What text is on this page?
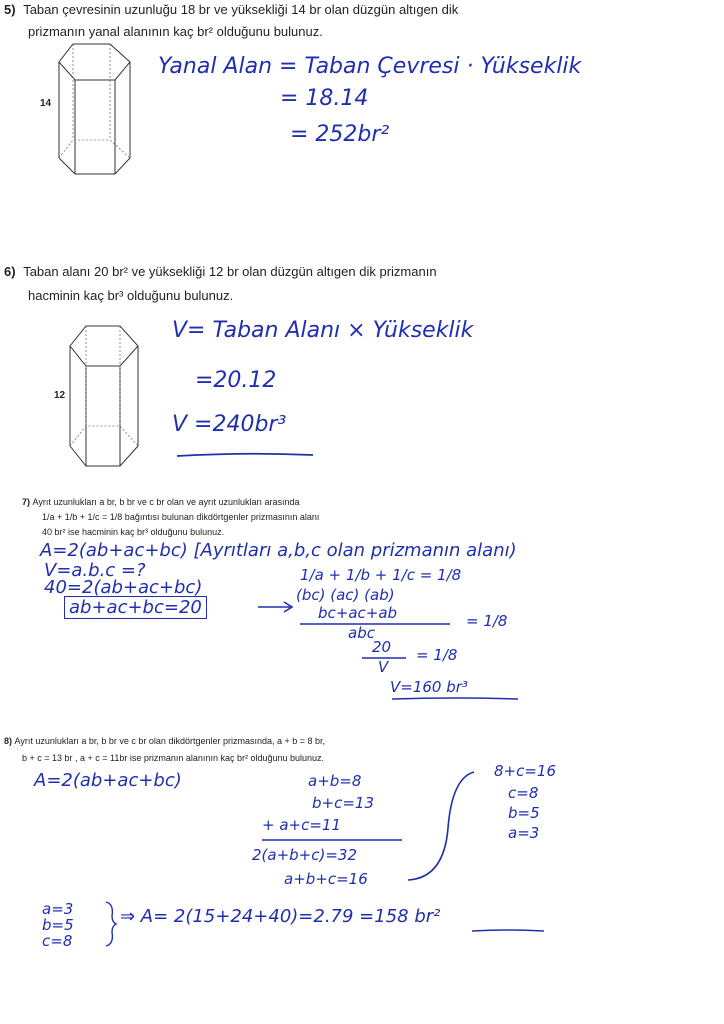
5) Taban çevresinin uzunluğu 18 br ve yüksekliği 14 br olan düzgün altıgen dik
prizmanın yanal alanının kaç br² olduğunu bulunuz.
14
Yanal Alan = Taban Çevresi · Yükseklik
= 18.14
= 252br²
6) Taban alanı 20 br² ve yüksekliği 12 br olan düzgün altıgen dik prizmanın
hacminin kaç br³ olduğunu bulunuz.
12
V= Taban Alanı × Yükseklik
=20.12
V =240br³
7) Ayrıt uzunlukları a br, b br ve c br olan ve ayrıt uzunlukları arasında
1/a + 1/b + 1/c = 1/8 bağıntısı bulunan dikdörtgenler prizmasının alanı
40 br² ise hacminin kaç br³ olduğunu bulunuz.
A=2(ab+ac+bc) [Ayrıtları a,b,c olan prizmanın alanı)
V=a.b.c =?
40=2(ab+ac+bc)
ab+ac+bc=20
1/a + 1/b + 1/c = 1/8
(bc) (ac) (ab)
bc+ac+ab
abc
= 1/8
20
V
= 1/8
V=160 br³
8) Ayrıt uzunlukları a br, b br ve c br olan dikdörtgenler prizmasında, a + b = 8 br,
b + c = 13 br , a + c = 11br ise prizmanın alanının kaç br² olduğunu bulunuz.
A=2(ab+ac+bc)	a+b=8
b+c=13
+ a+c=11
2(a+b+c)=32
a+b+c=16
8+c=16
c=8
b=5
a=3
a=3
b=5
c=8
⇒ A= 2(15+24+40)=2.79 =158 br²
